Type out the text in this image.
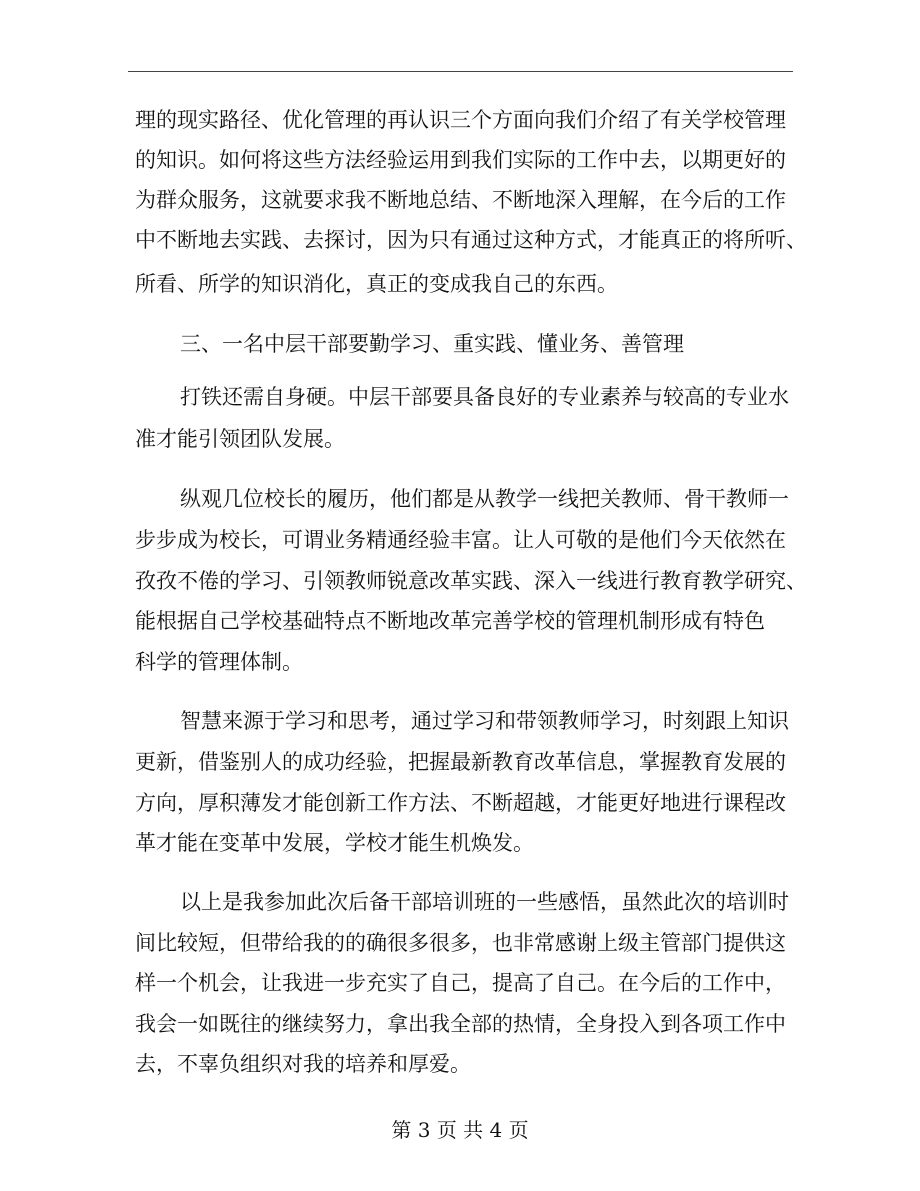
理的现实路径、优化管理的再认识三个方面向我们介绍了有关学校管理
的知识。如何将这些方法经验运用到我们实际的工作中去，以期更好的
为群众服务，这就要求我不断地总结、不断地深入理解，在今后的工作
中不断地去实践、去探讨，因为只有通过这种方式，才能真正的将所听、
所看、所学的知识消化，真正的变成我自己的东西。
三、一名中层干部要勤学习、重实践、懂业务、善管理
打铁还需自身硬。中层干部要具备良好的专业素养与较高的专业水
准才能引领团队发展。
纵观几位校长的履历，他们都是从教学一线把关教师、骨干教师一
步步成为校长，可谓业务精通经验丰富。让人可敬的是他们今天依然在
孜孜不倦的学习、引领教师锐意改革实践、深入一线进行教育教学研究、
能根据自己学校基础特点不断地改革完善学校的管理机制形成有特色
科学的管理体制。
智慧来源于学习和思考，通过学习和带领教师学习，时刻跟上知识
更新，借鉴别人的成功经验，把握最新教育改革信息，掌握教育发展的
方向，厚积薄发才能创新工作方法、不断超越，才能更好地进行课程改
革才能在变革中发展，学校才能生机焕发。
以上是我参加此次后备干部培训班的一些感悟，虽然此次的培训时
间比较短，但带给我的的确很多很多，也非常感谢上级主管部门提供这
样一个机会，让我进一步充实了自己，提高了自己。在今后的工作中，
我会一如既往的继续努力，拿出我全部的热情，全身投入到各项工作中
去，不辜负组织对我的培养和厚爱。
第 3 页 共 4 页
